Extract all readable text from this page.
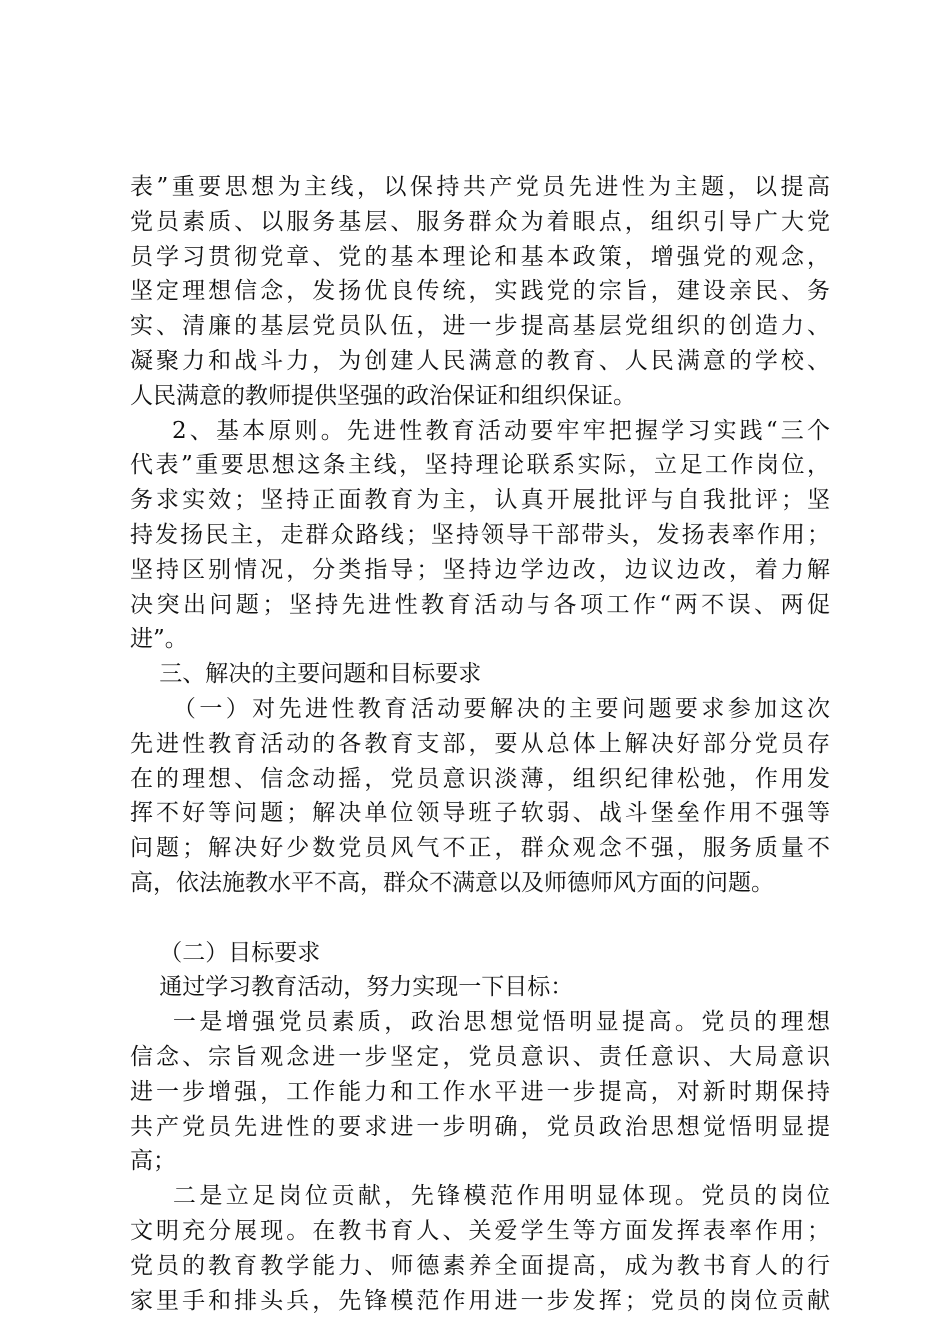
表”重要思想为主线，以保持共产党员先进性为主题，以提高
党员素质、以服务基层、服务群众为着眼点，组织引导广大党
员学习贯彻党章、党的基本理论和基本政策，增强党的观念，
坚定理想信念，发扬优良传统，实践党的宗旨，建设亲民、务
实、清廉的基层党员队伍，进一步提高基层党组织的创造力、
凝聚力和战斗力，为创建人民满意的教育、人民满意的学校、
人民满意的教师提供坚强的政治保证和组织保证。
2、基本原则。先进性教育活动要牢牢把握学习实践“三个
代表”重要思想这条主线，坚持理论联系实际，立足工作岗位，
务求实效；坚持正面教育为主，认真开展批评与自我批评；坚
持发扬民主，走群众路线；坚持领导干部带头，发扬表率作用；
坚持区别情况，分类指导；坚持边学边改，边议边改，着力解
决突出问题；坚持先进性教育活动与各项工作“两不误、两促
进”。
三、解决的主要问题和目标要求
（一）对先进性教育活动要解决的主要问题要求参加这次
先进性教育活动的各教育支部，要从总体上解决好部分党员存
在的理想、信念动摇，党员意识淡薄，组织纪律松弛，作用发
挥不好等问题；解决单位领导班子软弱、战斗堡垒作用不强等
问题；解决好少数党员风气不正，群众观念不强，服务质量不
高，依法施教水平不高，群众不满意以及师德师风方面的问题。
（二）目标要求
通过学习教育活动，努力实现一下目标：
一是增强党员素质，政治思想觉悟明显提高。党员的理想
信念、宗旨观念进一步坚定，党员意识、责任意识、大局意识
进一步增强，工作能力和工作水平进一步提高，对新时期保持
共产党员先进性的要求进一步明确，党员政治思想觉悟明显提
高；
二是立足岗位贡献，先锋模范作用明显体现。党员的岗位
文明充分展现。在教书育人、关爱学生等方面发挥表率作用；
党员的教育教学能力、师德素养全面提高，成为教书育人的行
家里手和排头兵，先锋模范作用进一步发挥；党员的岗位贡献
